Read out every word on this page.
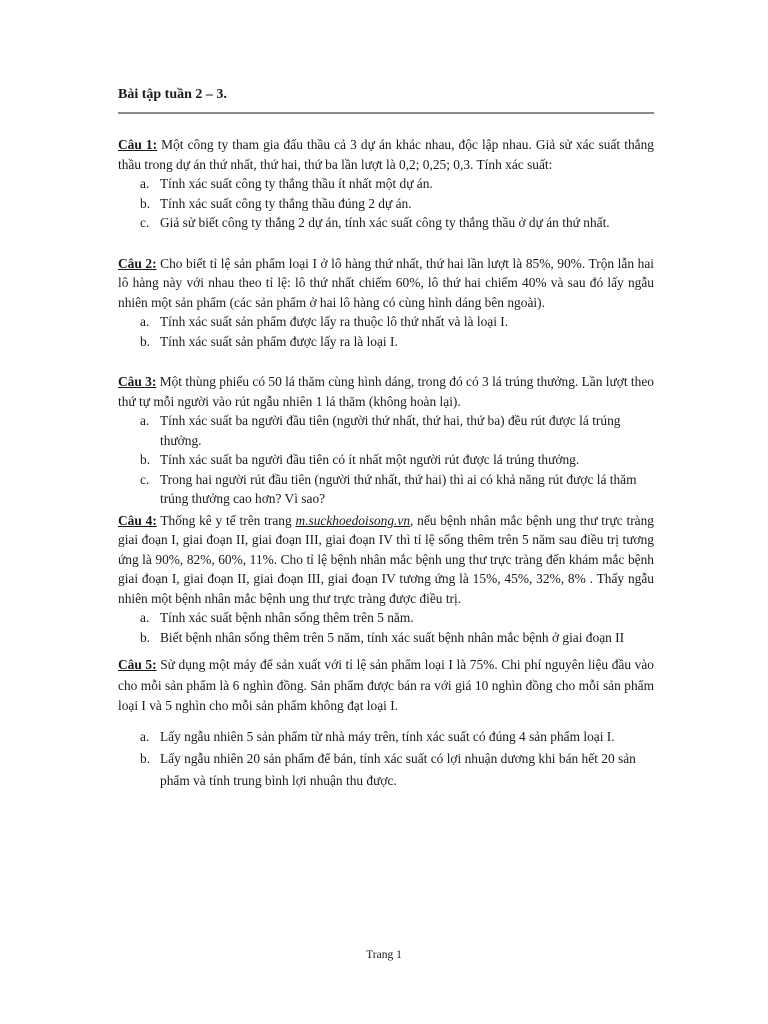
Bài tập tuần 2 – 3.

Câu 1: Một công ty tham gia đấu thầu cả 3 dự án khác nhau, độc lập nhau. Giả sử xác suất thắng thầu trong dự án thứ nhất, thứ hai, thứ ba lần lượt là 0,2; 0,25; 0,3. Tính xác suất:

a. Tính xác suất công ty thắng thầu ít nhất một dự án.
b. Tính xác suất công ty thắng thầu đúng 2 dự án.
c. Giả sử biết công ty thắng 2 dự án, tính xác suất công ty thắng thầu ở dự án thứ nhất.

Câu 2: Cho biết tỉ lệ sản phẩm loại I ở lô hàng thứ nhất, thứ hai lần lượt là 85%, 90%. Trộn lẫn hai lô hàng này với nhau theo tỉ lệ: lô thứ nhất chiếm 60%, lô thứ hai chiếm 40% và sau đó lấy ngẫu nhiên một sản phẩm (các sản phẩm ở hai lô hàng có cùng hình dáng bên ngoài).

a. Tính xác suất sản phẩm được lấy ra thuộc lô thứ nhất và là loại I.
b. Tính xác suất sản phẩm được lấy ra là loại I.

Câu 3: Một thùng phiếu có 50 lá thăm cùng hình dáng, trong đó có 3 lá trúng thưởng. Lần lượt theo thứ tự mỗi người vào rút ngẫu nhiên 1 lá thăm (không hoàn lại).

a. Tính xác suất ba người đầu tiên (người thứ nhất, thứ hai, thứ ba) đều rút được lá trúng thưởng.
b. Tính xác suất ba người đầu tiên có ít nhất một người rút được lá trúng thưởng.
c. Trong hai người rút đầu tiên (người thứ nhất, thứ hai) thì ai có khả năng rút được lá thăm trúng thưởng cao hơn? Vì sao?

Câu 4: Thống kê y tế trên trang m.suckhoedoisong.vn, nếu bệnh nhân mắc bệnh ung thư trực tràng giai đoạn I, giai đoạn II, giai đoạn III, giai đoạn IV thì tỉ lệ sống thêm trên 5 năm sau điều trị tương ứng là 90%, 82%, 60%, 11%. Cho tỉ lệ bệnh nhân mắc bệnh ung thư trực tràng đến khám mắc bệnh giai đoạn I, giai đoạn II, giai đoạn III, giai đoạn IV tương ứng là 15%, 45%, 32%, 8% . Thấy ngẫu nhiên một bệnh nhân mắc bệnh ung thư trực tràng được điều trị.

a. Tính xác suất bệnh nhân sống thêm trên 5 năm.
b. Biết bệnh nhân sống thêm trên 5 năm, tính xác suất bệnh nhân mắc bệnh ở giai đoạn II

Câu 5: Sử dụng một máy để sản xuất với tỉ lệ sản phẩm loại I là 75%. Chi phí nguyên liệu đầu vào cho mỗi sản phẩm là 6 nghìn đồng. Sản phẩm được bán ra với giá 10 nghìn đồng cho mỗi sản phẩm loại I và 5 nghìn cho mỗi sản phẩm không đạt loại I.

a. Lấy ngẫu nhiên 5 sản phẩm từ nhà máy trên, tính xác suất có đúng 4 sản phẩm loại I.
b. Lấy ngẫu nhiên 20 sản phẩm để bán, tính xác suất có lợi nhuận dương khi bán hết 20 sản phẩm và tính trung bình lợi nhuận thu được.
Trang 1
